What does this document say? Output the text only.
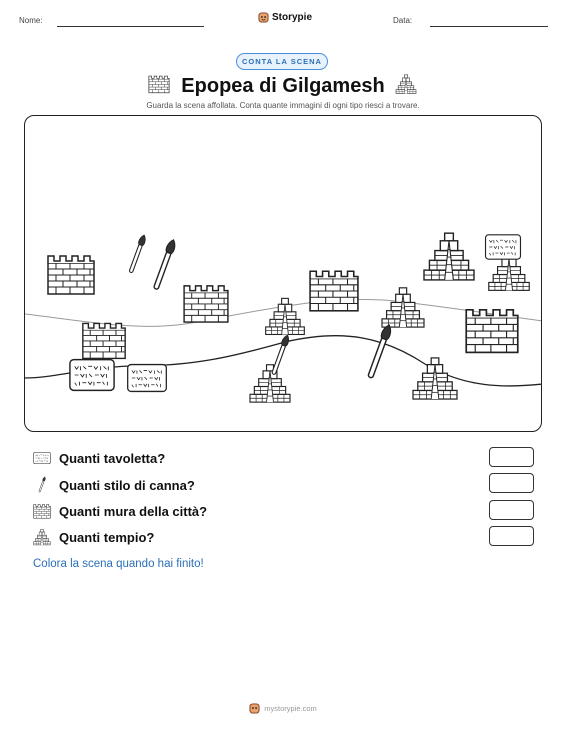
Nome:	Storypie	Data:
CONTA LA SCENA
Epopea di Gilgamesh
Guarda la scena affollata. Conta quante immagini di ogni tipo riesci a trovare.
Quanti tavoletta?
Quanti stilo di canna?
Quanti mura della città?
Quanti tempio?
Colora la scena quando hai finito!
mystorypie.com
